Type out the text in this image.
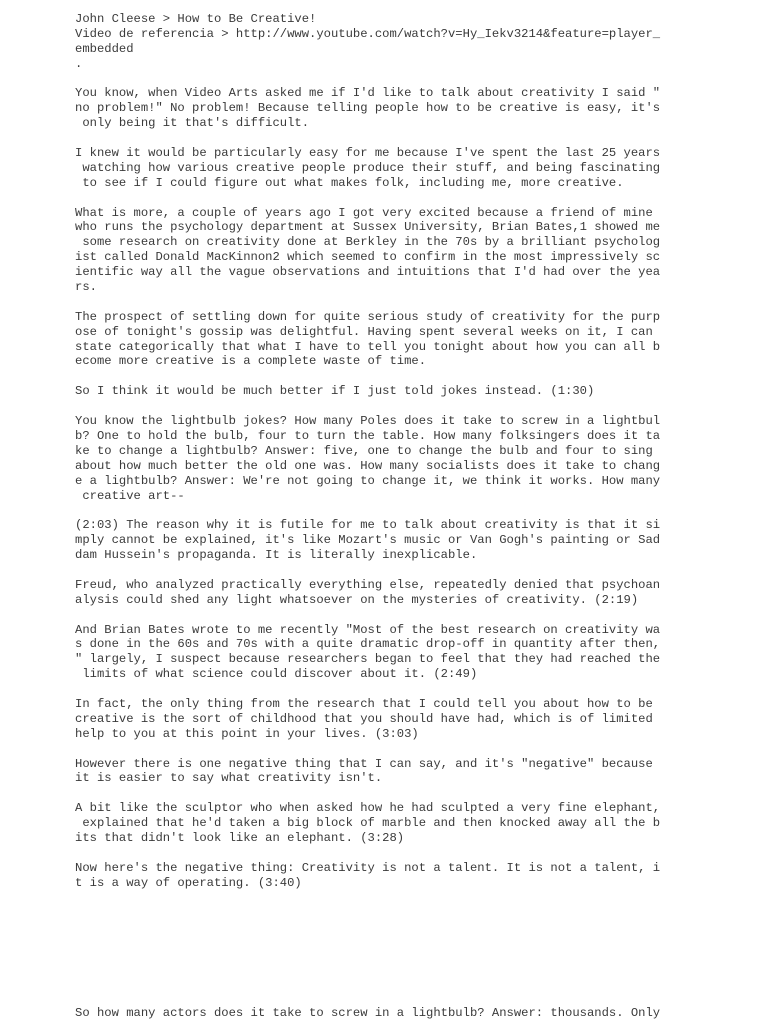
John Cleese > How to Be Creative!
Video de referencia > http://www.youtube.com/watch?v=Hy_Iekv3214&feature=player_
embedded
.
You know, when Video Arts asked me if I'd like to talk about creativity I said "
no problem!" No problem! Because telling people how to be creative is easy, it's
only being it that's difficult.
I knew it would be particularly easy for me because I've spent the last 25 years
watching how various creative people produce their stuff, and being fascinating
to see if I could figure out what makes folk, including me, more creative.
What is more, a couple of years ago I got very excited because a friend of mine
who runs the psychology department at Sussex University, Brian Bates,1 showed me
some research on creativity done at Berkley in the 70s by a brilliant psycholog
ist called Donald MacKinnon2 which seemed to confirm in the most impressively sc
ientific way all the vague observations and intuitions that I'd had over the yea
rs.
The prospect of settling down for quite serious study of creativity for the purp
ose of tonight's gossip was delightful. Having spent several weeks on it, I can
state categorically that what I have to tell you tonight about how you can all b
ecome more creative is a complete waste of time.
So I think it would be much better if I just told jokes instead. (1:30)
You know the lightbulb jokes? How many Poles does it take to screw in a lightbul
b? One to hold the bulb, four to turn the table. How many folksingers does it ta
ke to change a lightbulb? Answer: five, one to change the bulb and four to sing
about how much better the old one was. How many socialists does it take to chang
e a lightbulb? Answer: We're not going to change it, we think it works. How many
creative art--
(2:03) The reason why it is futile for me to talk about creativity is that it si
mply cannot be explained, it's like Mozart's music or Van Gogh's painting or Sad
dam Hussein's propaganda. It is literally inexplicable.
Freud, who analyzed practically everything else, repeatedly denied that psychoan
alysis could shed any light whatsoever on the mysteries of creativity. (2:19)
And Brian Bates wrote to me recently "Most of the best research on creativity wa
s done in the 60s and 70s with a quite dramatic drop-off in quantity after then,
" largely, I suspect because researchers began to feel that they had reached the
limits of what science could discover about it. (2:49)
In fact, the only thing from the research that I could tell you about how to be
creative is the sort of childhood that you should have had, which is of limited
help to you at this point in your lives. (3:03)
However there is one negative thing that I can say, and it's "negative" because
it is easier to say what creativity isn't.
A bit like the sculptor who when asked how he had sculpted a very fine elephant,
explained that he'd taken a big block of marble and then knocked away all the b
its that didn't look like an elephant. (3:28)
Now here's the negative thing: Creativity is not a talent. It is not a talent, i
t is a way of operating. (3:40)
So how many actors does it take to screw in a lightbulb? Answer: thousands. Only
